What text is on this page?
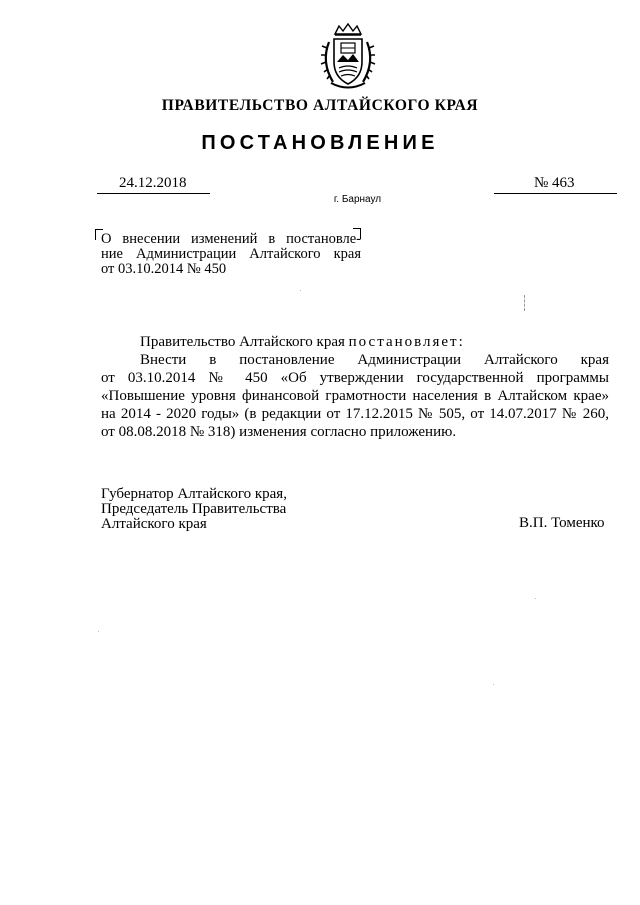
ПРАВИТЕЛЬСТВО АЛТАЙСКОГО КРАЯ
ПОСТАНОВЛЕНИЕ
24.12.2018	№ 463
г. Барнаул
О внесении изменений в постановле-
ние Администрации Алтайского края
от 03.10.2014 № 450
Правительство Алтайского края постановляет:
Внести в постановление Администрации Алтайского края
от 03.10.2014 № 450 «Об утверждении государственной программы
«Повышение уровня финансовой грамотности населения в Алтайском крае»
на 2014 - 2020 годы» (в редакции от 17.12.2015 № 505, от 14.07.2017 № 260,
от 08.08.2018 № 318) изменения согласно приложению.
Губернатор Алтайского края,
Председатель Правительства
Алтайского края	В.П. Томенко
